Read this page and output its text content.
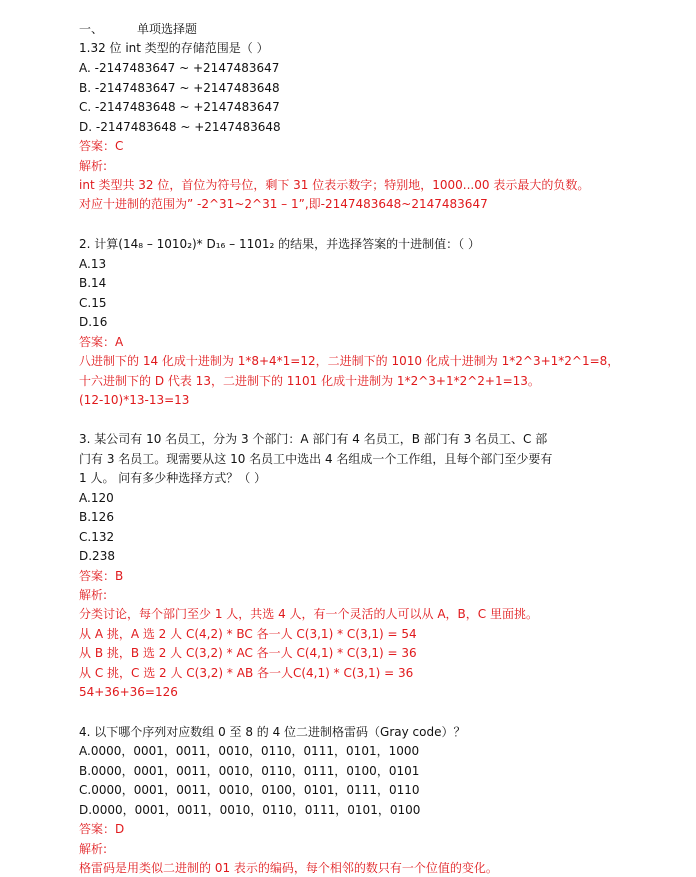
一、	单项选择题
1.32 位 int 类型的存储范围是（ ）
A. -2147483647 ~ +2147483647
B. -2147483647 ~ +2147483648
C. -2147483648 ~ +2147483647
D. -2147483648 ~ +2147483648
答案：C
解析:
int 类型共 32 位，首位为符号位，剩下 31 位表示数字；特别地，1000...00 表示最大的负数。
对应十进制的范围为” -2^31~2^31 – 1”,即-2147483648~2147483647
2. 计算(14₈ – 1010₂)* D₁₆ – 1101₂ 的结果，并选择答案的十进制值：（ ）
A.13
B.14
C.15
D.16
答案：A
八进制下的 14 化成十进制为 1*8+4*1=12，二进制下的 1010 化成十进制为 1*2^3+1*2^1=8，
十六进制下的 D 代表 13，二进制下的 1101 化成十进制为 1*2^3+1*2^2+1=13。
(12-10)*13-13=13
3. 某公司有 10 名员工，分为 3 个部门：A 部门有 4 名员工，B 部门有 3 名员工、C 部
门有 3 名员工。现需要从这 10 名员工中选出 4 名组成一个工作组，且每个部门至少要有
1 人。 问有多少种选择方式？（ ）
A.120
B.126
C.132
D.238
答案：B
解析:
分类讨论，每个部门至少 1 人，共选 4 人，有一个灵活的人可以从 A，B，C 里面挑。
从 A 挑，A 选 2 人 C(4,2) * BC 各一人 C(3,1) * C(3,1) = 54
从 B 挑，B 选 2 人 C(3,2) * AC 各一人 C(4,1) * C(3,1) = 36
从 C 挑，C 选 2 人 C(3,2) * AB 各一人C(4,1) * C(3,1) = 36
54+36+36=126
4. 以下哪个序列对应数组 0 至 8 的 4 位二进制格雷码（Gray code）？
A.0000，0001，0011，0010，0110，0111，0101，1000
B.0000，0001，0011，0010，0110，0111，0100，0101
C.0000，0001，0011，0010，0100，0101，0111，0110
D.0000，0001，0011，0010，0110，0111，0101，0100
答案：D
解析:
格雷码是用类似二进制的 01 表示的编码，每个相邻的数只有一个位值的变化。
